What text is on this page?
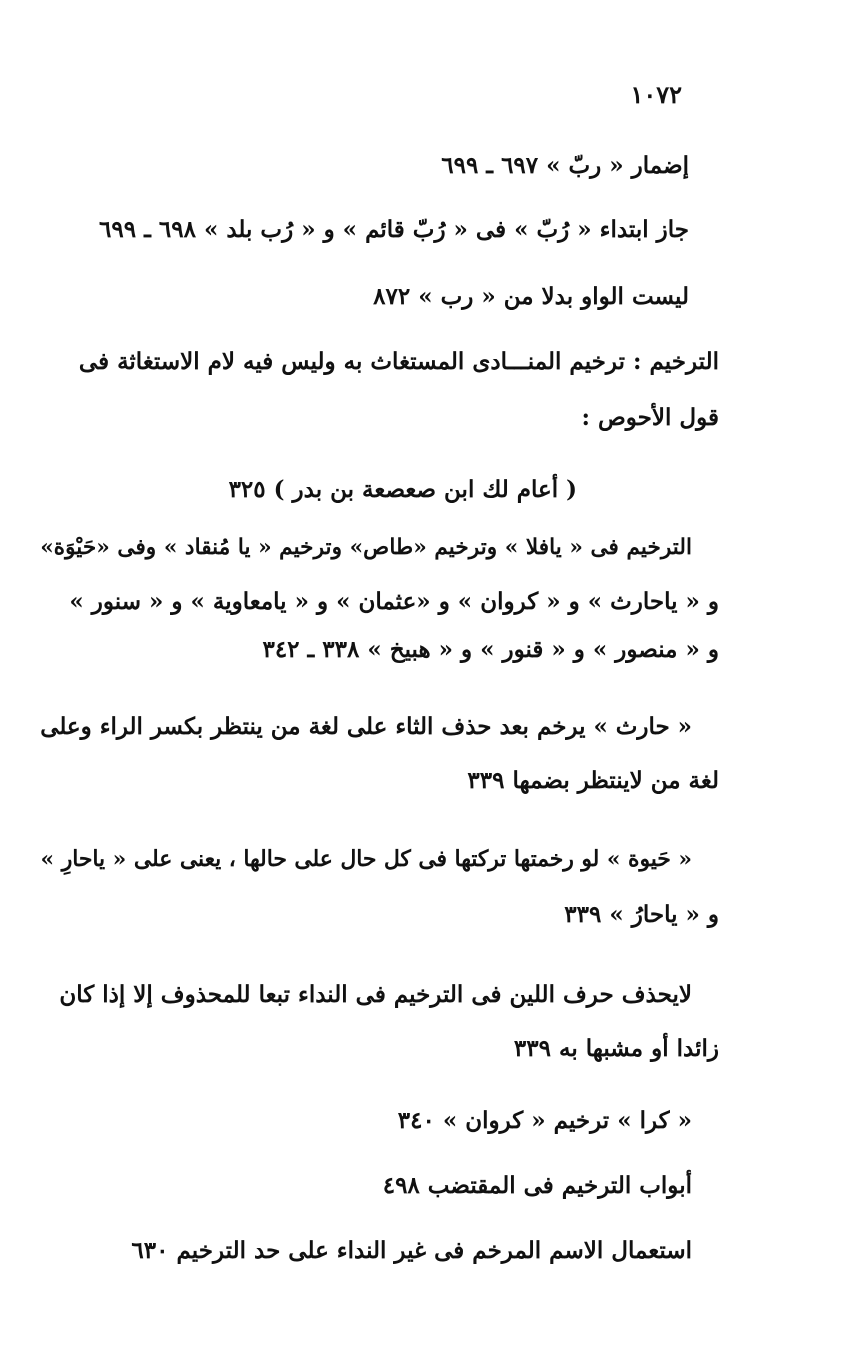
١٠٧٢
إضمار « ربّ » ٦٩٧ ـ ٦٩٩
جاز ابتداء « رُبّ » فى « رُبّ قائم » و « رُب بلد » ٦٩٨ ـ ٦٩٩
ليست الواو بدلا من « رب » ٨٧٢
الترخيم : ترخيم المنـــادى المستغاث به وليس فيه لام الاستغاثة فى
قول الأحوص :
( أعام لك ابن صعصعة بن بدر ) ٣٢٥
الترخيم فى « يافلا » وترخيم «طاص» وترخيم « يا مُنقاد » وفى «حَيْوَة»
و « ياحارث » و « كروان » و «عثمان » و « يامعاوية » و « سنور »
و « منصور » و « قنور » و « هبيخ » ٣٣٨ ـ ٣٤٢
« حارث » يرخم بعد حذف الثاء على لغة من ينتظر بكسر الراء وعلى
لغة من لاينتظر بضمها ٣٣٩
« حَيوة » لو رخمتها تركتها فى كل حال على حالها ، يعنى على « ياحارِ »
و « ياحارُ » ٣٣٩
لايحذف حرف اللين فى الترخيم فى النداء تبعا للمحذوف إلا إذا كان
زائدا أو مشبها به ٣٣٩
« كرا » ترخيم « كروان » ٣٤٠
أبواب الترخيم فى المقتضب ٤٩٨
استعمال الاسم المرخم فى غير النداء على حد الترخيم ٦٣٠
